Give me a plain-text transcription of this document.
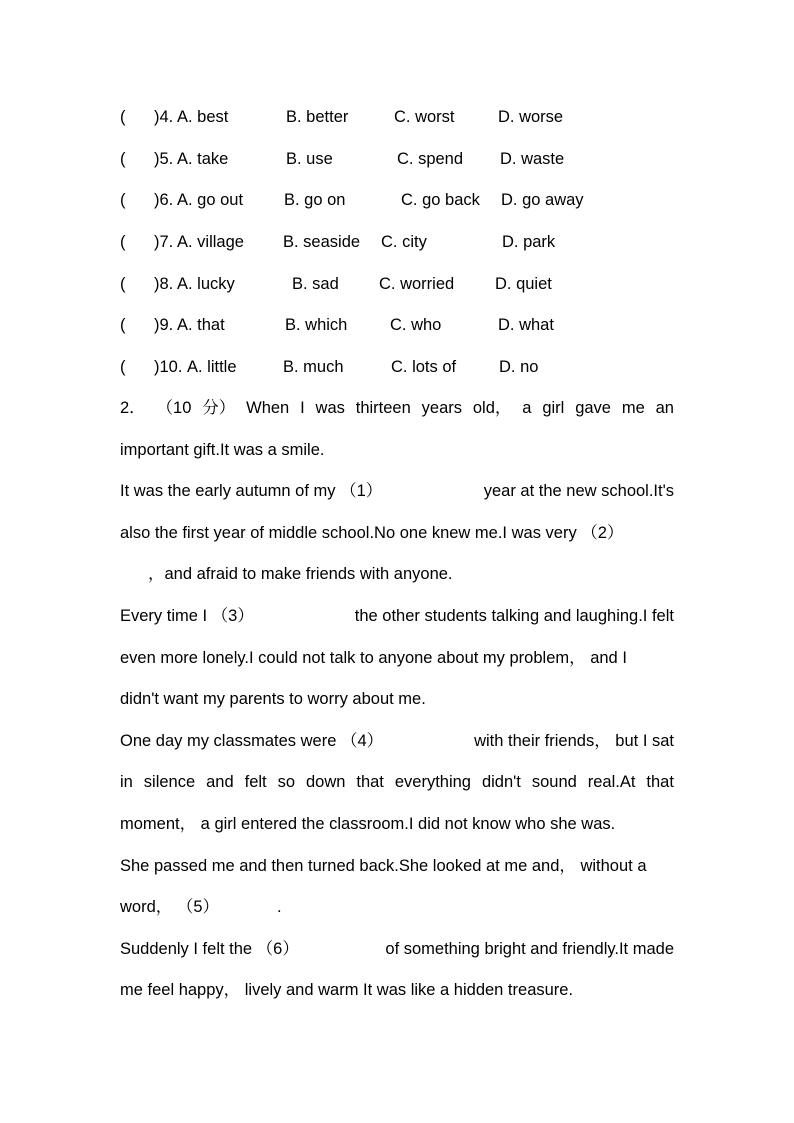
( )4. A. best	B. better	C. worst	D. worse
( )5. A. take	B. use	C. spend D. waste
( )6. A. go out B. go on	C. go back D. go away
( )7. A. village B. seaside C. city	D. park
( )8. A. lucky	B. sad C. worried D. quiet
( )9. A. that	B. which	C. who	D. what
( )10. A. little	B. much	C. lots of	D. no
2． （10 分） When I was thirteen years old， a girl gave me an
important gift.It was a smile.
It was the early autumn of my （1）	year at the new school.It's
also the first year of middle school.No one knew me.I was very （2）
，and afraid to make friends with anyone.
Every time I （3）	the other students talking and laughing.I felt
even more lonely.I could not talk to anyone about my problem， and I
didn't want my parents to worry about me.
One day my classmates were （4）	with their friends， but I sat
in silence and felt so down that everything didn't sound real.At that
moment， a girl entered the classroom.I did not know who she was.
She passed me and then turned back.She looked at me and， without a
word， （5）	.
Suddenly I felt the （6）	of something bright and friendly.It made
me feel happy， lively and warm It was like a hidden treasure.
